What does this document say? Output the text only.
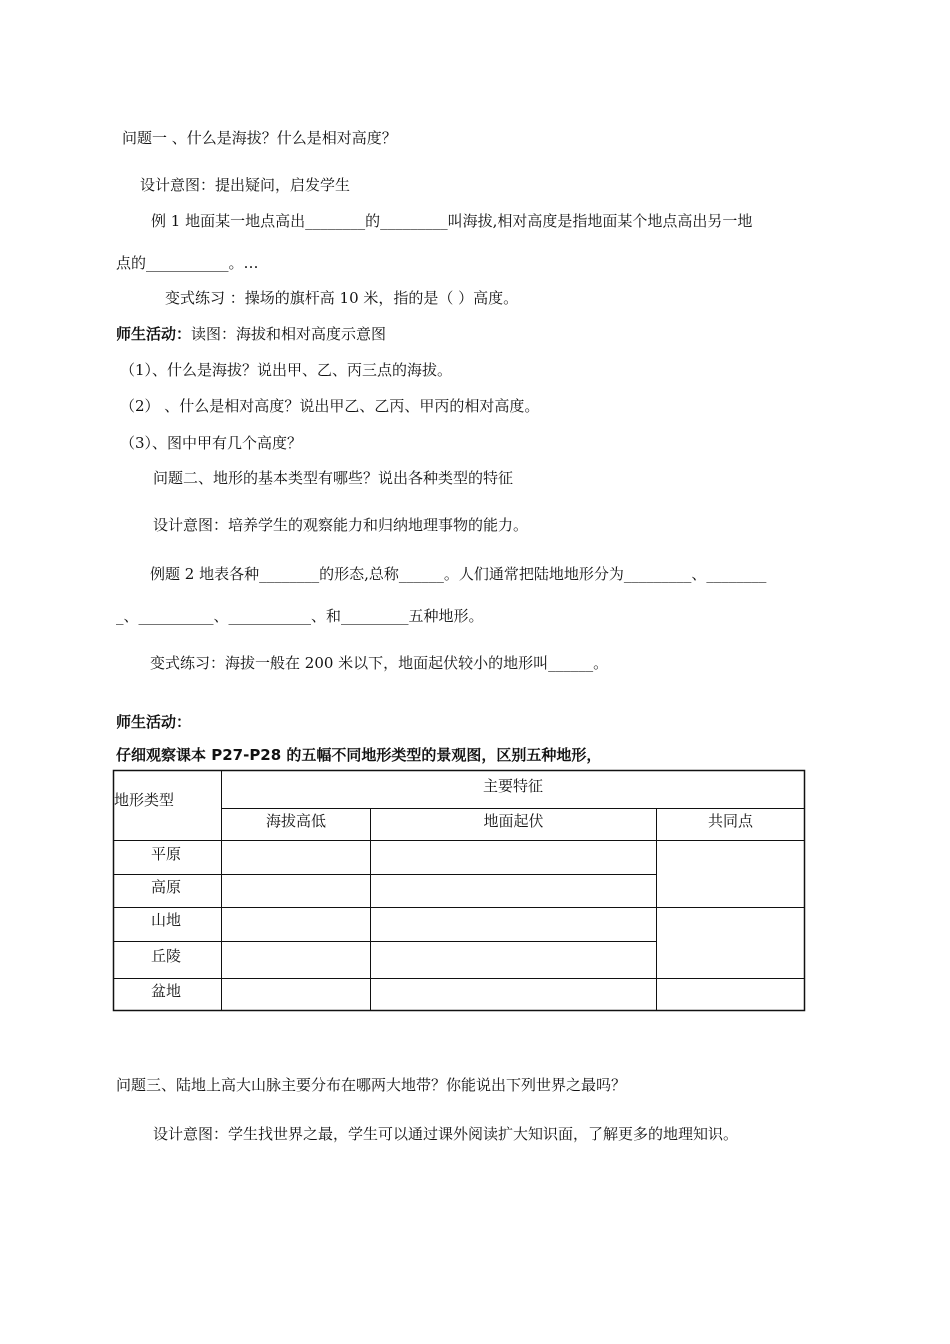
问题一 、什么是海拔？什么是相对高度？
设计意图：提出疑问，启发学生
例 1 地面某一地点高出________的_________叫海拔,相对高度是指地面某个地点高出另一地
点的___________。…
变式练习 ：操场的旗杆高 10 米，指的是（ ）高度。
师生活动：读图：海拔和相对高度示意图
（1）、什么是海拔？说出甲、乙、丙三点的海拔。
（2） 、什么是相对高度？说出甲乙、乙丙、甲丙的相对高度。
（3）、图中甲有几个高度？
问题二、地形的基本类型有哪些？说出各种类型的特征
设计意图：培养学生的观察能力和归纳地理事物的能力。
例题 2 地表各种________的形态,总称______。人们通常把陆地地形分为_________、________
_、__________、___________、和_________五种地形。
变式练习：海拔一般在 200 米以下，地面起伏较小的地形叫______。
师生活动：
仔细观察课本 P27-P28 的五幅不同地形类型的景观图，区别五种地形，
地形类型
主要特征
海拔高低	地面起伏	共同点
平原
高原
山地
丘陵
盆地
问题三、陆地上高大山脉主要分布在哪两大地带？你能说出下列世界之最吗？
设计意图：学生找世界之最，学生可以通过课外阅读扩大知识面，了解更多的地理知识。
